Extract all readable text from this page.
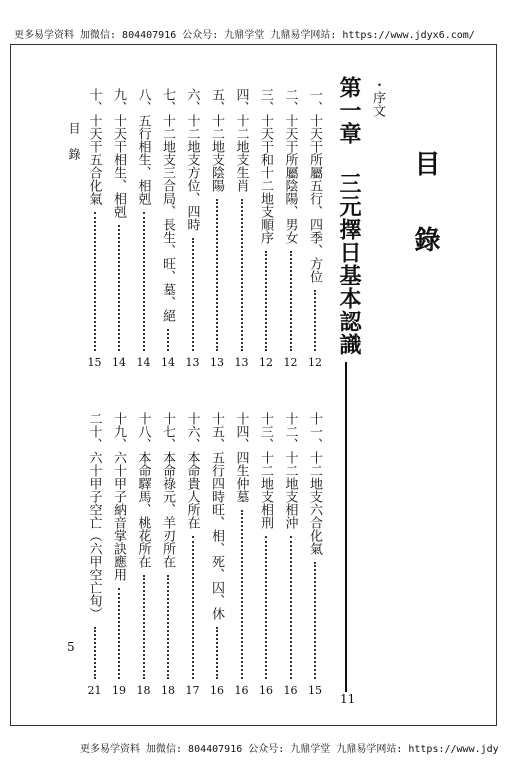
更多易学资料 加微信: 804407916 公众号: 九鼎学堂 九鼎易学网站: https://www.jdyx6.com/
目錄
・序文
第一章 三元擇日基本認識
11
目錄
5
一、十天干所屬五行、四季、方位
12
二、十天干所屬陰陽、男女
12
三、十天干和十二地支順序
12
四、十二地支生肖
13
五、十二地支陰陽
13
六、十二地支方位、四時
13
七、十二地支三合局、長生、旺、墓、絕
14
八、五行相生、相剋
14
九、十天干相生、相剋
14
十、十天干五合化氣
15
十一、十二地支六合化氣
15
十二、十二地支相沖
16
十三、十二地支相刑
16
十四、四生仲墓
16
十五、五行四時旺、相、死、囚、休
16
十六、本命貴人所在
17
十七、本命祿元、羊刃所在
18
十八、本命驛馬、桃花所在
18
十九、六十甲子納音掌訣應用
19
二十、六十甲子空亡（六甲空亡旬）
21
更多易学资料 加微信: 804407916 公众号: 九鼎学堂 九鼎易学网站: https://www.jdy
